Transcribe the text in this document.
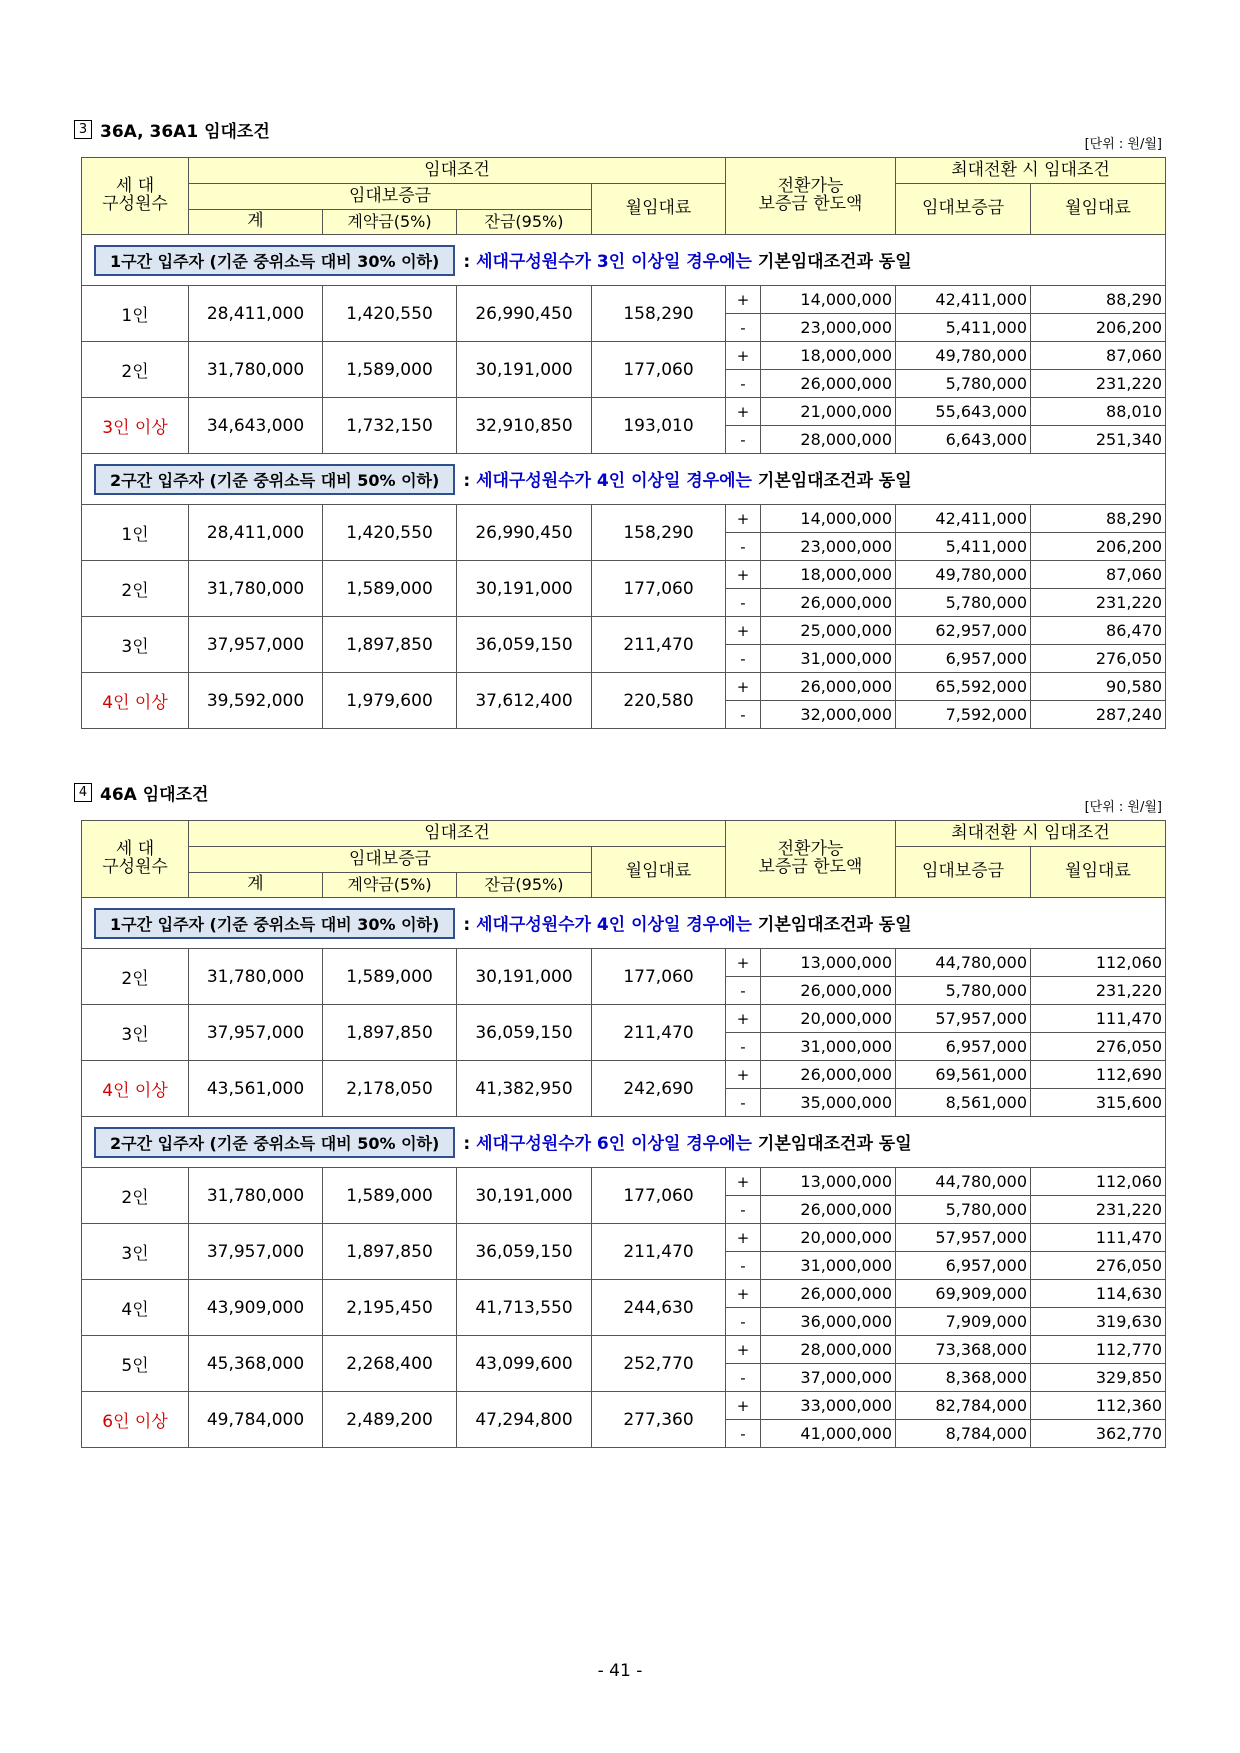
3 36A, 36A1 임대조건
[단위 : 원/월]
세 대
구성원수	임대조건				전환가능
보증금 한도액		최대전환 시 임대조건	
	임대보증금			월임대료			임대보증금	월임대료
	계	계약금(5%)	잔금(95%)					
1구간 입주자 (기준 중위소득 대비 30% 이하) : 세대구성원수가 3인 이상일 경우에는 기본임대조건과 동일								
1인	28,411,000	1,420,550	26,990,450	158,290	+	14,000,000	42,411,000	88,290
					-	23,000,000	5,411,000	206,200
2인	31,780,000	1,589,000	30,191,000	177,060	+	18,000,000	49,780,000	87,060
					-	26,000,000	5,780,000	231,220
3인 이상	34,643,000	1,732,150	32,910,850	193,010	+	21,000,000	55,643,000	88,010
					-	28,000,000	6,643,000	251,340
2구간 입주자 (기준 중위소득 대비 50% 이하) : 세대구성원수가 4인 이상일 경우에는 기본임대조건과 동일								
1인	28,411,000	1,420,550	26,990,450	158,290	+	14,000,000	42,411,000	88,290
					-	23,000,000	5,411,000	206,200
2인	31,780,000	1,589,000	30,191,000	177,060	+	18,000,000	49,780,000	87,060
					-	26,000,000	5,780,000	231,220
3인	37,957,000	1,897,850	36,059,150	211,470	+	25,000,000	62,957,000	86,470
					-	31,000,000	6,957,000	276,050
4인 이상	39,592,000	1,979,600	37,612,400	220,580	+	26,000,000	65,592,000	90,580
					-	32,000,000	7,592,000	287,240
4 46A 임대조건
[단위 : 원/월]
세 대
구성원수	임대조건				전환가능
보증금 한도액		최대전환 시 임대조건	
	임대보증금			월임대료			임대보증금	월임대료
	계	계약금(5%)	잔금(95%)					
1구간 입주자 (기준 중위소득 대비 30% 이하) : 세대구성원수가 4인 이상일 경우에는 기본임대조건과 동일								
2인	31,780,000	1,589,000	30,191,000	177,060	+	13,000,000	44,780,000	112,060
					-	26,000,000	5,780,000	231,220
3인	37,957,000	1,897,850	36,059,150	211,470	+	20,000,000	57,957,000	111,470
					-	31,000,000	6,957,000	276,050
4인 이상	43,561,000	2,178,050	41,382,950	242,690	+	26,000,000	69,561,000	112,690
					-	35,000,000	8,561,000	315,600
2구간 입주자 (기준 중위소득 대비 50% 이하) : 세대구성원수가 6인 이상일 경우에는 기본임대조건과 동일								
2인	31,780,000	1,589,000	30,191,000	177,060	+	13,000,000	44,780,000	112,060
					-	26,000,000	5,780,000	231,220
3인	37,957,000	1,897,850	36,059,150	211,470	+	20,000,000	57,957,000	111,470
					-	31,000,000	6,957,000	276,050
4인	43,909,000	2,195,450	41,713,550	244,630	+	26,000,000	69,909,000	114,630
					-	36,000,000	7,909,000	319,630
5인	45,368,000	2,268,400	43,099,600	252,770	+	28,000,000	73,368,000	112,770
					-	37,000,000	8,368,000	329,850
6인 이상	49,784,000	2,489,200	47,294,800	277,360	+	33,000,000	82,784,000	112,360
					-	41,000,000	8,784,000	362,770
- 41 -
